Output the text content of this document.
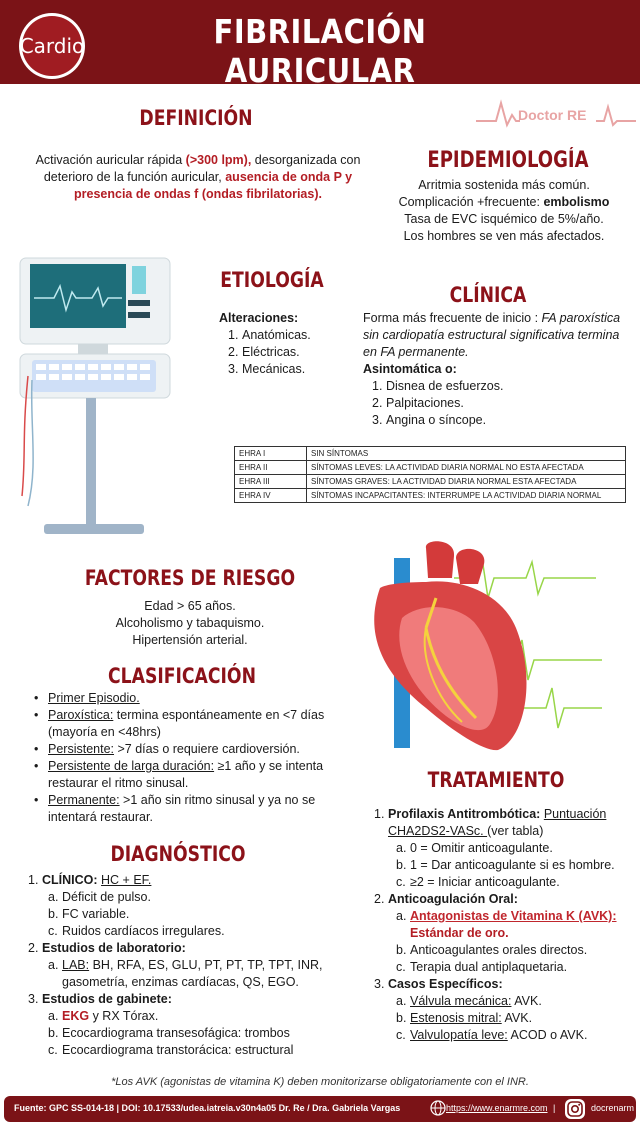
Cardio	FIBRILACIÓN AURICULAR
Doctor RE
DEFINICIÓN
Activación auricular rápida (>300 lpm), desorganizada con deterioro de la función auricular, ausencia de onda P y presencia de ondas f (ondas fibrilatorias).
EPIDEMIOLOGÍA
Arritmia sostenida más común.
Complicación +frecuente: embolismo
Tasa de EVC isquémico de 5%/año.
Los hombres se ven más afectados.
ETIOLOGÍA
Alteraciones:
1. Anatómicas.
2. Eléctricas.
3. Mecánicas.
CLÍNICA
Forma más frecuente de inicio : FA paroxística sin cardiopatía estructural significativa termina en FA permanente.
Asintomática o:
1. Disnea de esfuerzos.
2. Palpitaciones.
3. Angina o síncope.
EHRA I	SIN SÍNTOMAS
EHRA II	SÍNTOMAS LEVES: LA ACTIVIDAD DIARIA NORMAL NO ESTA AFECTADA
EHRA III	SÍNTOMAS GRAVES: LA ACTIVIDAD DIARIA NORMAL ESTA AFECTADA
EHRA IV	SÍNTOMAS INCAPACITANTES: INTERRUMPE LA ACTIVIDAD DIARIA NORMAL
FACTORES DE RIESGO
Edad > 65 años.
Alcoholismo y tabaquismo.
Hipertensión arterial.
CLASIFICACIÓN
• Primer Episodio.
• Paroxística: termina espontáneamente en <7 días (mayoría en <48hrs)
• Persistente: >7 días o requiere cardioversión.
• Persistente de larga duración: ≥1 año y se intenta restaurar el ritmo sinusal.
• Permanente: >1 año sin ritmo sinusal y ya no se intentará restaurar.
DIAGNÓSTICO
1. CLÍNICO: HC + EF.
a. Déficit de pulso.
b. FC variable.
c. Ruidos cardíacos irregulares.
2. Estudios de laboratorio:
a. LAB: BH, RFA, ES, GLU, PT, PT, TP, TPT, INR, gasometría, enzimas cardíacas, QS, EGO.
3. Estudios de gabinete:
a. EKG y RX Tórax.
b. Ecocardiograma transesofágica: trombos
c. Ecocardiograma transtorácica: estructural
TRATAMIENTO
1. Profilaxis Antitrombótica: Puntuación CHA2DS2-VASc. (ver tabla)
a. 0 = Omitir anticoagulante.
b. 1 = Dar anticoagulante si es hombre.
c. ≥2 = Iniciar anticoagulante.
2. Anticoagulación Oral:
a. Antagonistas de Vitamina K (AVK):
Estándar de oro.
b. Anticoagulantes orales directos.
c. Terapia dual antiplaquetaria.
3. Casos Específicos:
a. Válvula mecánica: AVK.
b. Estenosis mitral: AVK.
c. Valvulopatía leve: ACOD o AVK.
*Los AVK (agonistas de vitamina K) deben monitorizarse obligatoriamente con el INR.
Fuente: GPC SS-014-18 | DOI: 10.17533/udea.iatreia.v30n4a05 Dr. Re / Dra. Gabriela Vargas	https://www.enarmre.com |	docrenarm
